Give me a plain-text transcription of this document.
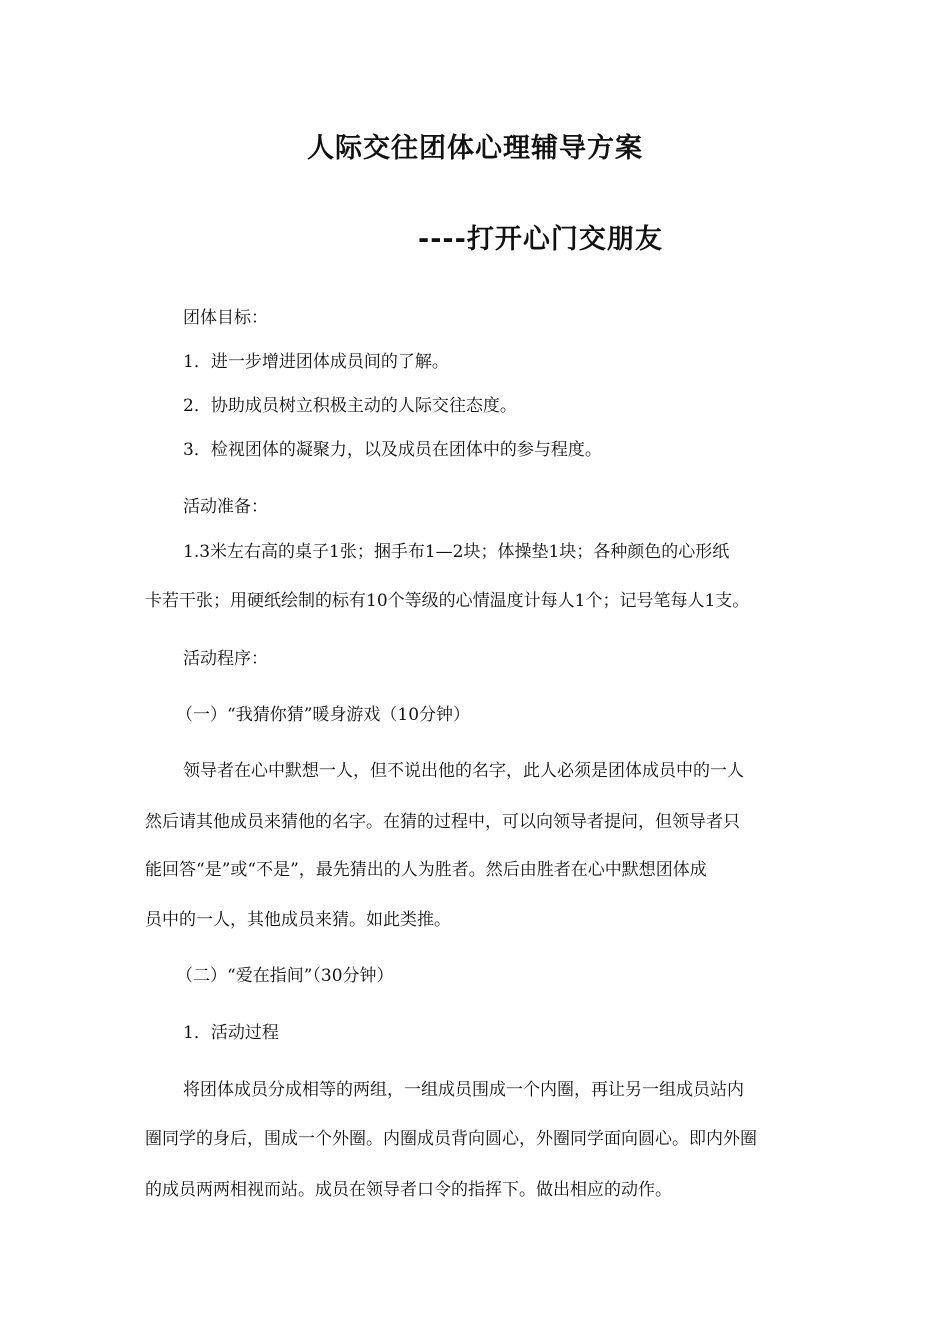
人际交往团体心理辅导方案
----打开心门交朋友
团体目标：
1．进一步增进团体成员间的了解。
2．协助成员树立积极主动的人际交往态度。
3．检视团体的凝聚力，以及成员在团体中的参与程度。
活动准备：
1.3米左右高的桌子1张；捆手布1—2块；体操垫1块；各种颜色的心形纸
卡若干张；用硬纸绘制的标有10个等级的心情温度计每人1个；记号笔每人1支。
活动程序：
（一）“我猜你猜”暖身游戏（10分钟）
领导者在心中默想一人，但不说出他的名字，此人必须是团体成员中的一人
然后请其他成员来猜他的名字。在猜的过程中，可以向领导者提问，但领导者只
能回答“是”或“不是”，最先猜出的人为胜者。然后由胜者在心中默想团体成
员中的一人，其他成员来猜。如此类推。
（二）“爱在指间”（30分钟）
1．活动过程
将团体成员分成相等的两组，一组成员围成一个内圈，再让另一组成员站内
圈同学的身后，围成一个外圈。内圈成员背向圆心，外圈同学面向圆心。即内外圈
的成员两两相视而站。成员在领导者口令的指挥下。做出相应的动作。
